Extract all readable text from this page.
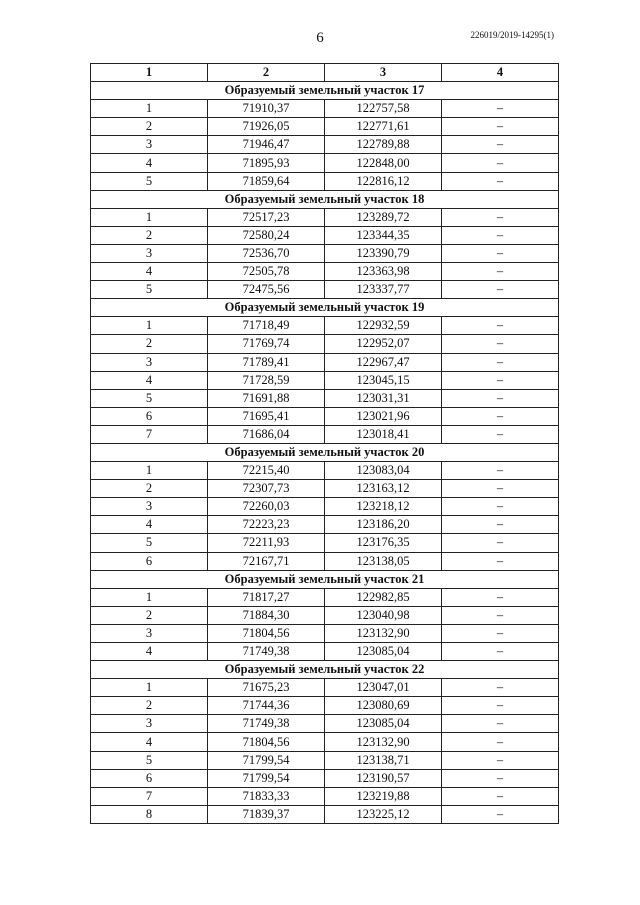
6	226019/2019-14295(1)
1	2	3	4
Образуемый земельный участок 17			
1	71910,37	122757,58	–
2	71926,05	122771,61	–
3	71946,47	122789,88	–
4	71895,93	122848,00	–
5	71859,64	122816,12	–
Образуемый земельный участок 18			
1	72517,23	123289,72	–
2	72580,24	123344,35	–
3	72536,70	123390,79	–
4	72505,78	123363,98	–
5	72475,56	123337,77	–
Образуемый земельный участок 19			
1	71718,49	122932,59	–
2	71769,74	122952,07	–
3	71789,41	122967,47	–
4	71728,59	123045,15	–
5	71691,88	123031,31	–
6	71695,41	123021,96	–
7	71686,04	123018,41	–
Образуемый земельный участок 20			
1	72215,40	123083,04	–
2	72307,73	123163,12	–
3	72260,03	123218,12	–
4	72223,23	123186,20	–
5	72211,93	123176,35	–
6	72167,71	123138,05	–
Образуемый земельный участок 21			
1	71817,27	122982,85	–
2	71884,30	123040,98	–
3	71804,56	123132,90	–
4	71749,38	123085,04	–
Образуемый земельный участок 22			
1	71675,23	123047,01	–
2	71744,36	123080,69	–
3	71749,38	123085,04	–
4	71804,56	123132,90	–
5	71799,54	123138,71	–
6	71799,54	123190,57	–
7	71833,33	123219,88	–
8	71839,37	123225,12	–
